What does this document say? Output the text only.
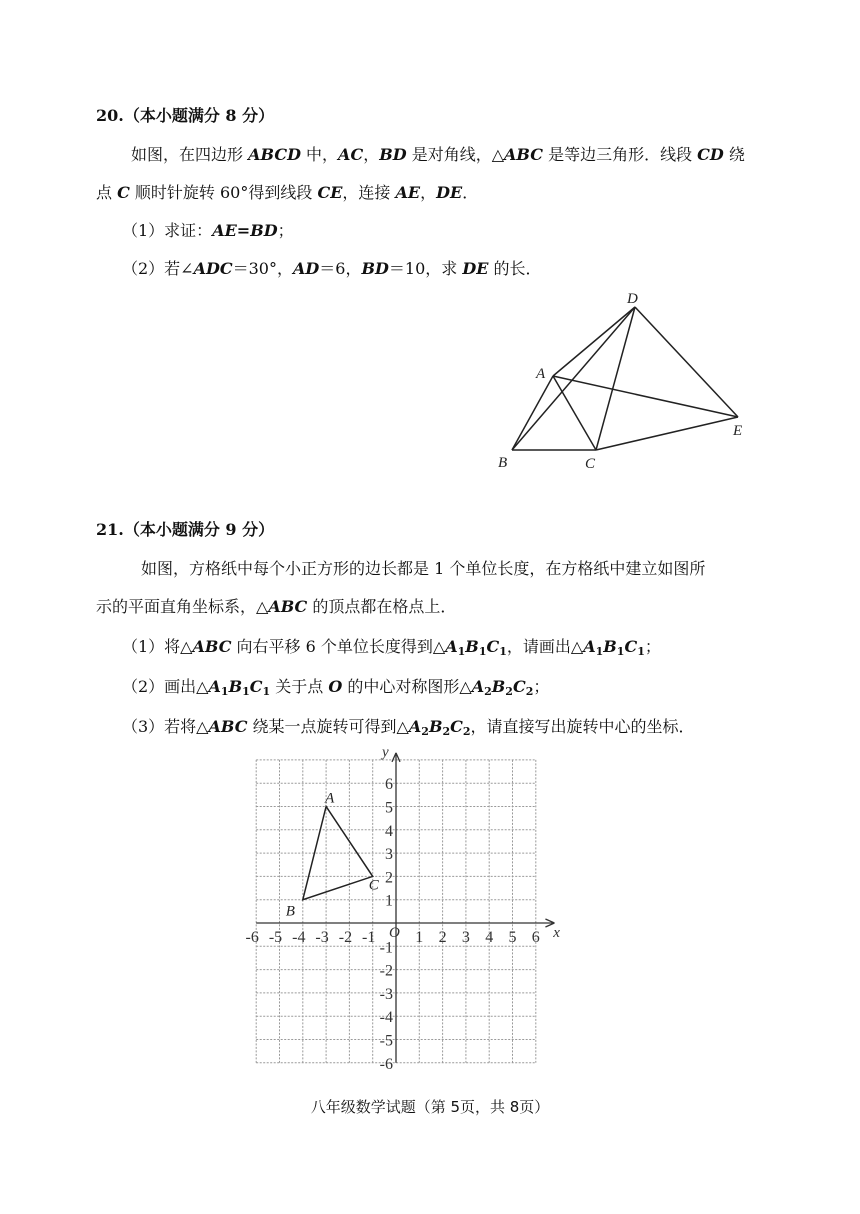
20.（本小题满分 8 分）
如图，在四边形 ABCD 中，AC，BD 是对角线，△ABC 是等边三角形．线段 CD 绕
点 C 顺时针旋转 60°得到线段 CE，连接 AE，DE．
（1）求证：AE=BD；
（2）若∠ADC＝30°，AD＝6，BD＝10，求 DE 的长．
D
A
E
B	C
21.（本小题满分 9 分）
如图，方格纸中每个小正方形的边长都是 1 个单位长度，在方格纸中建立如图所
示的平面直角坐标系，△ABC 的顶点都在格点上．
（1）将△ABC 向右平移 6 个单位长度得到$\triangle A_1B_1C_1$，请画出$\triangle A_1B_1C_1$；
（2）画出$\triangle A_1B_1C_1$ 关于点 O 的中心对称图形$\triangle A_2B_2C_2$；
（3）若将△ABC 绕某一点旋转可得到$\triangle A_2B_2C_2$，请直接写出旋转中心的坐标．
x
y
O
-6 -5 -4 -3 -2 -1 1 2 3 4 5 6
6
5
4
3
2
1
-1
-2
-3
-4
-5
-6
A
B
C
八年级数学试题（第 5页，共 8页）
